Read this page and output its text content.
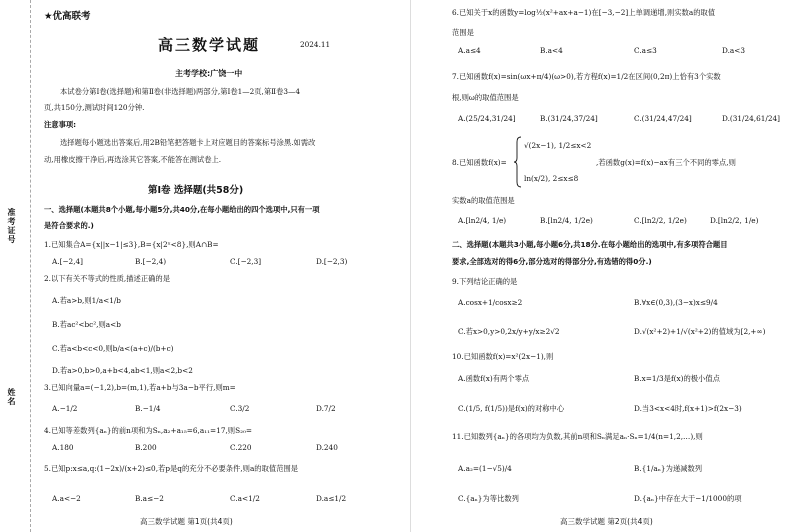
准考证号
姓名
★优高联考
高三数学试题	2024.11
主考学校:广饶一中
本试卷分第Ⅰ卷(选择题)和第Ⅱ卷(非选择题)两部分,第Ⅰ卷1—2页,第Ⅱ卷3—4
页,共150分,测试时间120分钟.
注意事项:
选择题每小题选出答案后,用2B铅笔把答题卡上对应题目的答案标号涂黑.如需改
动,用橡皮擦干净后,再选涂其它答案,不能答在测试卷上.
第Ⅰ卷 选择题(共58分)
一、选择题(本题共8个小题,每小题5分,共40分,在每小题给出的四个选项中,只有一项
是符合要求的.)
1.已知集合A={x||x−1|≤3},B={x|2ˣ<8},则A∩B=
A.[−2,4]	B.[−2,4)	C.[−2,3]	D.[−2,3)
2.以下有关不等式的性质,描述正确的是
A.若a>b,则1/a<1/b
B.若ac²<bc²,则a<b
C.若a<b<c<0,则b/a<(a+c)/(b+c)
D.若a>0,b>0,a+b<4,ab<1,则a<2,b<2
3.已知向量a=(−1,2),b=(m,1),若a+b与3a−b平行,则m=
A.−1/2	B.−1/4	C.3/2	D.7/2
4.已知等差数列{aₙ}的前n项和为Sₙ,a₂+a₁₅=6,a₁₁=17,则S₂₀=
A.180	B.200	C.220	D.240
5.已知p:x≤a,q:(1−2x)/(x+2)≤0,若p是q的充分不必要条件,则a的取值范围是
A.a<−2	B.a≤−2	C.a<1/2	D.a≤1/2
高三数学试题 第1页(共4页)
6.已知关于x的函数y=log½(x²+ax+a−1)在[−3,−2]上单调递增,则实数a的取值
范围是
A.a≤4	B.a<4	C.a≤3	D.a<3
7.已知函数f(x)=sin(ωx+π/4)(ω>0),若方程f(x)=1/2在区间(0,2π)上恰有3个实数
根,则ω的取值范围是
A.(25/24,31/24]	B.(31/24,37/24]	C.(31/24,47/24]	D.(31/24,61/24]
8.已知函数f(x)=
√(2x−1), 1/2≤x<2
ln(x/2), 2≤x≤8
,若函数g(x)=f(x)−ax有三个不同的零点,则
实数a的取值范围是
A.[ln2/4, 1/e)	B.[ln2/4, 1/2e)	C.[ln2/2, 1/2e)	D.[ln2/2, 1/e)
二、选择题(本题共3小题,每小题6分,共18分.在每小题给出的选项中,有多项符合题目
要求,全部选对的得6分,部分选对的得部分分,有选错的得0分.)
9.下列结论正确的是
A.cosx+1/cosx≥2	B.∀x∈(0,3),(3−x)x≤9/4
C.若x>0,y>0,2x/y+y/x≥2√2	D.√(x²+2)+1/√(x²+2)的值域为[2,+∞)
10.已知函数f(x)=x²(2x−1),则
A.函数f(x)有两个零点	B.x=1/3是f(x)的极小值点
C.(1/5, f(1/5))是f(x)的对称中心	D.当3<x<4时,f(x+1)>f(2x−3)
11.已知数列{aₙ}的各项均为负数,其前n项和Sₙ满足aₙ·Sₙ=1/4(n=1,2,…),则
A.a₂=(1−√5)/4	B.{1/aₙ}为递减数列
C.{aₙ}为等比数列	D.{aₙ}中存在大于−1/1000的项
高三数学试题 第2页(共4页)
